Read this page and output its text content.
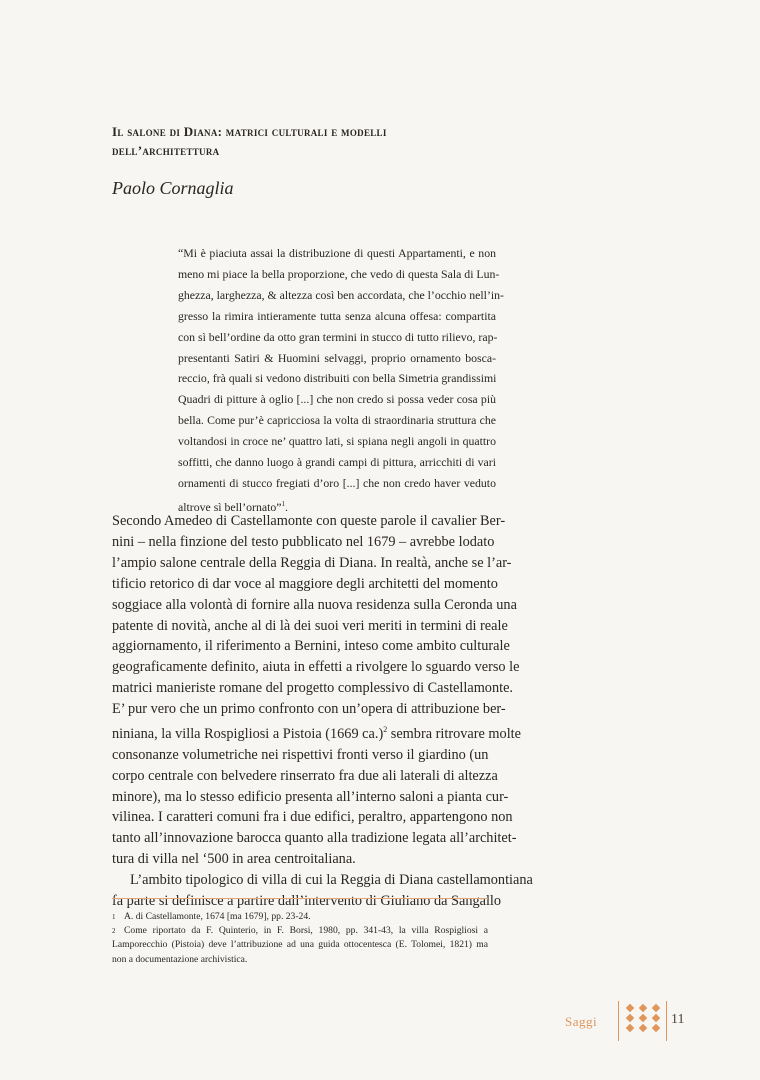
Il salone di Diana: matrici culturali e modelli
dell’architettura
Paolo Cornaglia
“Mi è piaciuta assai la distribuzione di questi Appartamenti, e non
meno mi piace la bella proporzione, che vedo di questa Sala di Lun-
ghezza, larghezza, & altezza così ben accordata, che l’occhio nell’in-
gresso la rimira intieramente tutta senza alcuna offesa: compartita
con sì bell’ordine da otto gran termini in stucco di tutto rilievo, rap-
presentanti Satiri & Huomini selvaggi, proprio ornamento bosca-
reccio, frà quali si vedono distribuiti con bella Simetria grandissimi
Quadri di pitture à oglio [...] che non credo si possa veder cosa più
bella. Come pur’è capricciosa la volta di straordinaria struttura che
voltandosi in croce ne’ quattro lati, si spiana negli angoli in quattro
soffitti, che danno luogo à grandi campi di pittura, arricchiti di vari
ornamenti di stucco fregiati d’oro [...] che non credo haver veduto
altrove sì bell’ornato”$^1$.
Secondo Amedeo di Castellamonte con queste parole il cavalier Ber-
nini – nella finzione del testo pubblicato nel 1679 – avrebbe lodato
l’ampio salone centrale della Reggia di Diana. In realtà, anche se l’ar-
tificio retorico di dar voce al maggiore degli architetti del momento
soggiace alla volontà di fornire alla nuova residenza sulla Ceronda una
patente di novità, anche al di là dei suoi veri meriti in termini di reale
aggiornamento, il riferimento a Bernini, inteso come ambito culturale
geograficamente definito, aiuta in effetti a rivolgere lo sguardo verso le
matrici manieriste romane del progetto complessivo di Castellamonte.
E’ pur vero che un primo confronto con un’opera di attribuzione ber-
niniana, la villa Rospigliosi a Pistoia (1669 ca.)$^2$ sembra ritrovare molte
consonanze volumetriche nei rispettivi fronti verso il giardino (un
corpo centrale con belvedere rinserrato fra due ali laterali di altezza
minore), ma lo stesso edificio presenta all’interno saloni a pianta cur-
vilinea. I caratteri comuni fra i due edifici, peraltro, appartengono non
tanto all’innovazione barocca quanto alla tradizione legata all’architet-
tura di villa nel ‘500 in area centroitaliana.
L’ambito tipologico di villa di cui la Reggia di Diana castellamontiana
fa parte si definisce a partire dall’intervento di Giuliano da Sangallo
1 A. di Castellamonte, 1674 [ma 1679], pp. 23-24.
2 Come riportato da F. Quinterio, in F. Borsi, 1980, pp. 341-43, la villa Rospigliosi a
Lamporecchio (Pistoia) deve l’attribuzione ad una guida ottocentesca (E. Tolomei, 1821) ma
non a documentazione archivistica.
Saggi	11
